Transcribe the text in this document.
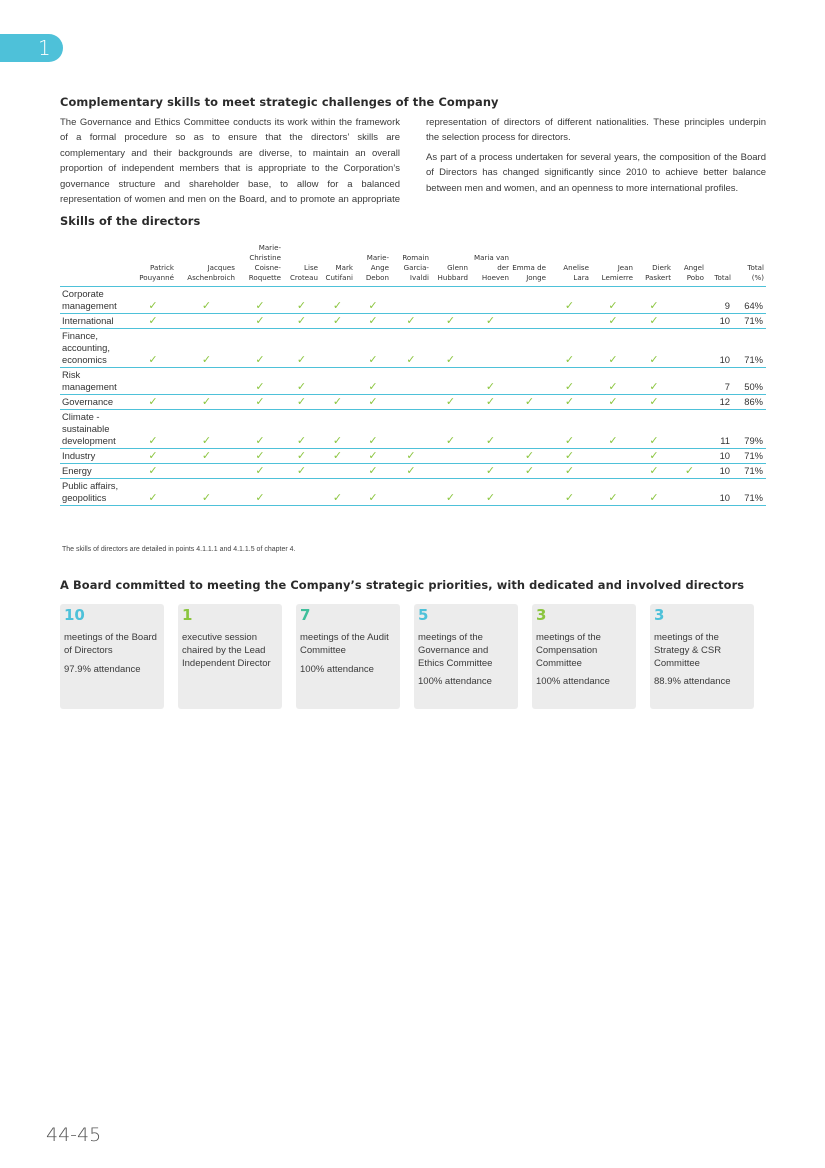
1
Complementary skills to meet strategic challenges of the Company

The Governance and Ethics Committee conducts its work within the framework of a formal procedure so as to ensure that the directors’ skills are complementary and their backgrounds are diverse, to maintain an overall proportion of independent members that is appropriate to the Corporation’s governance structure and shareholder base, to allow for a balanced representation of women and men on the Board, and to promote an appropriate representation of directors of different nationalities. These principles underpin the selection process for directors.

As part of a process undertaken for several years, the composition of the Board of Directors has changed significantly since 2010 to achieve better balance between men and women, and an openness to more international profiles.

Skills of the directors
	Patrick Pouyanné	Jacques Aschenbroich	Marie-Christine Coisne-Roquette	Lise Croteau	Mark Cutifani	Marie-Ange Debon	Romain Garcia-Ivaldi	Glenn Hubbard	Maria van der Hoeven	Emma de Jonge	Anelise Lara	Jean Lemierre	Dierk Paskert	Angel Pobo	Total	Total (%)
Corporate management	✓	✓	✓	✓	✓	✓					✓	✓	✓		9	64%
International	✓		✓	✓	✓	✓	✓	✓	✓			✓	✓		10	71%
Finance, accounting, economics	✓	✓	✓	✓		✓	✓	✓			✓	✓	✓		10	71%
Risk management			✓	✓		✓			✓		✓	✓	✓		7	50%
Governance	✓	✓	✓	✓	✓	✓		✓	✓	✓	✓	✓	✓		12	86%
Climate - sustainable development	✓	✓	✓	✓	✓	✓		✓	✓		✓	✓	✓		11	79%
Industry	✓	✓	✓	✓	✓	✓	✓			✓	✓		✓		10	71%
Energy	✓		✓	✓		✓	✓		✓	✓	✓		✓	✓	10	71%
Public affairs, geopolitics	✓	✓	✓		✓	✓		✓	✓		✓	✓	✓		10	71%
The skills of directors are detailed in points 4.1.1.1 and 4.1.1.5 of chapter 4.
A Board committed to meeting the Company’s strategic priorities, with dedicated and involved directors
10
meetings of the Board of Directors
97.9% attendance
1
executive session chaired by the Lead Independent Director
7
meetings of the Audit Committee
100% attendance
5
meetings of the Governance and Ethics Committee
100% attendance
3
meetings of the Compensation Committee
100% attendance
3
meetings of the Strategy & CSR Committee
88.9% attendance
44-45
